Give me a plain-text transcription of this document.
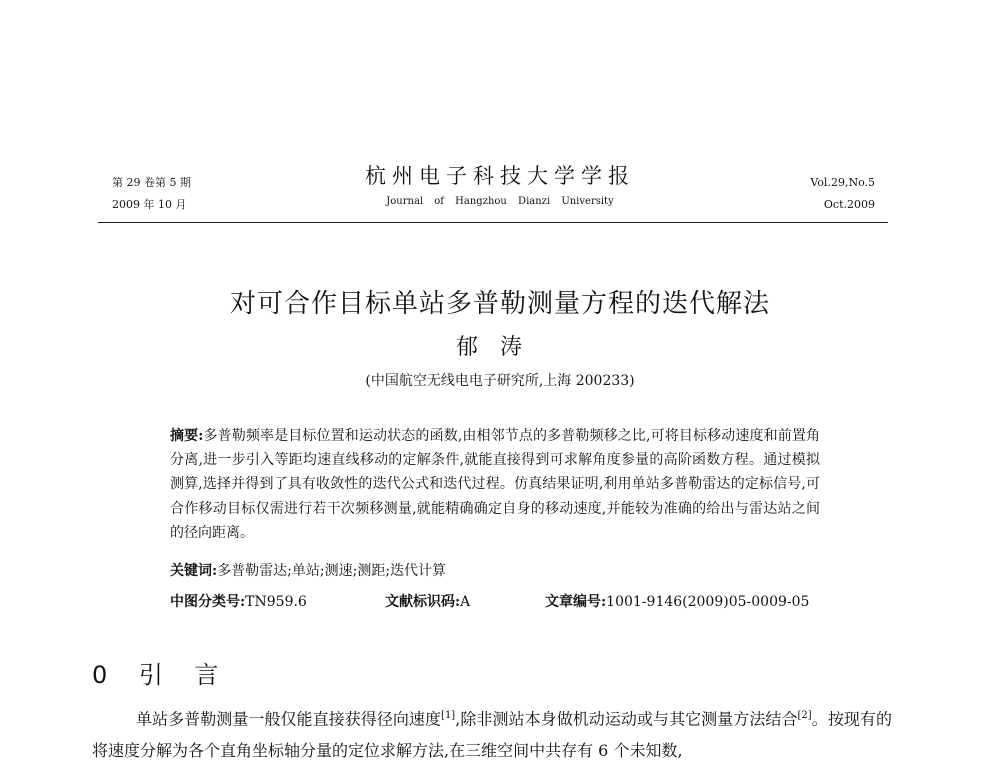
第 29 卷第 5 期
2009 年 10 月
杭州电子科技大学学报
Journal of Hangzhou Dianzi University
Vol.29,No.5
Oct.2009
对可合作目标单站多普勒测量方程的迭代解法
郁涛
(中国航空无线电电子研究所,上海 200233)
摘要:多普勒频率是目标位置和运动状态的函数,由相邻节点的多普勒频移之比,可将目标移动速度和前置角分离,进一步引入等距均速直线移动的定解条件,就能直接得到可求解角度参量的高阶函数方程。通过模拟测算,选择并得到了具有收敛性的迭代公式和迭代过程。仿真结果证明,利用单站多普勒雷达的定标信号,可合作移动目标仅需进行若干次频移测量,就能精确确定自身的移动速度,并能较为准确的给出与雷达站之间的径向距离。
关键词:多普勒雷达;单站;测速;测距;迭代计算
中图分类号:TN959.6	文献标识码:A	文章编号:1001-9146(2009)05-0009-05
0 引 言

单站多普勒测量一般仅能直接获得径向速度[1],除非测站本身做机动运动或与其它测量方法结合[2]。按现有的将速度分解为各个直角坐标轴分量的定位求解方法,在三维空间中共存有 6 个未知数,
